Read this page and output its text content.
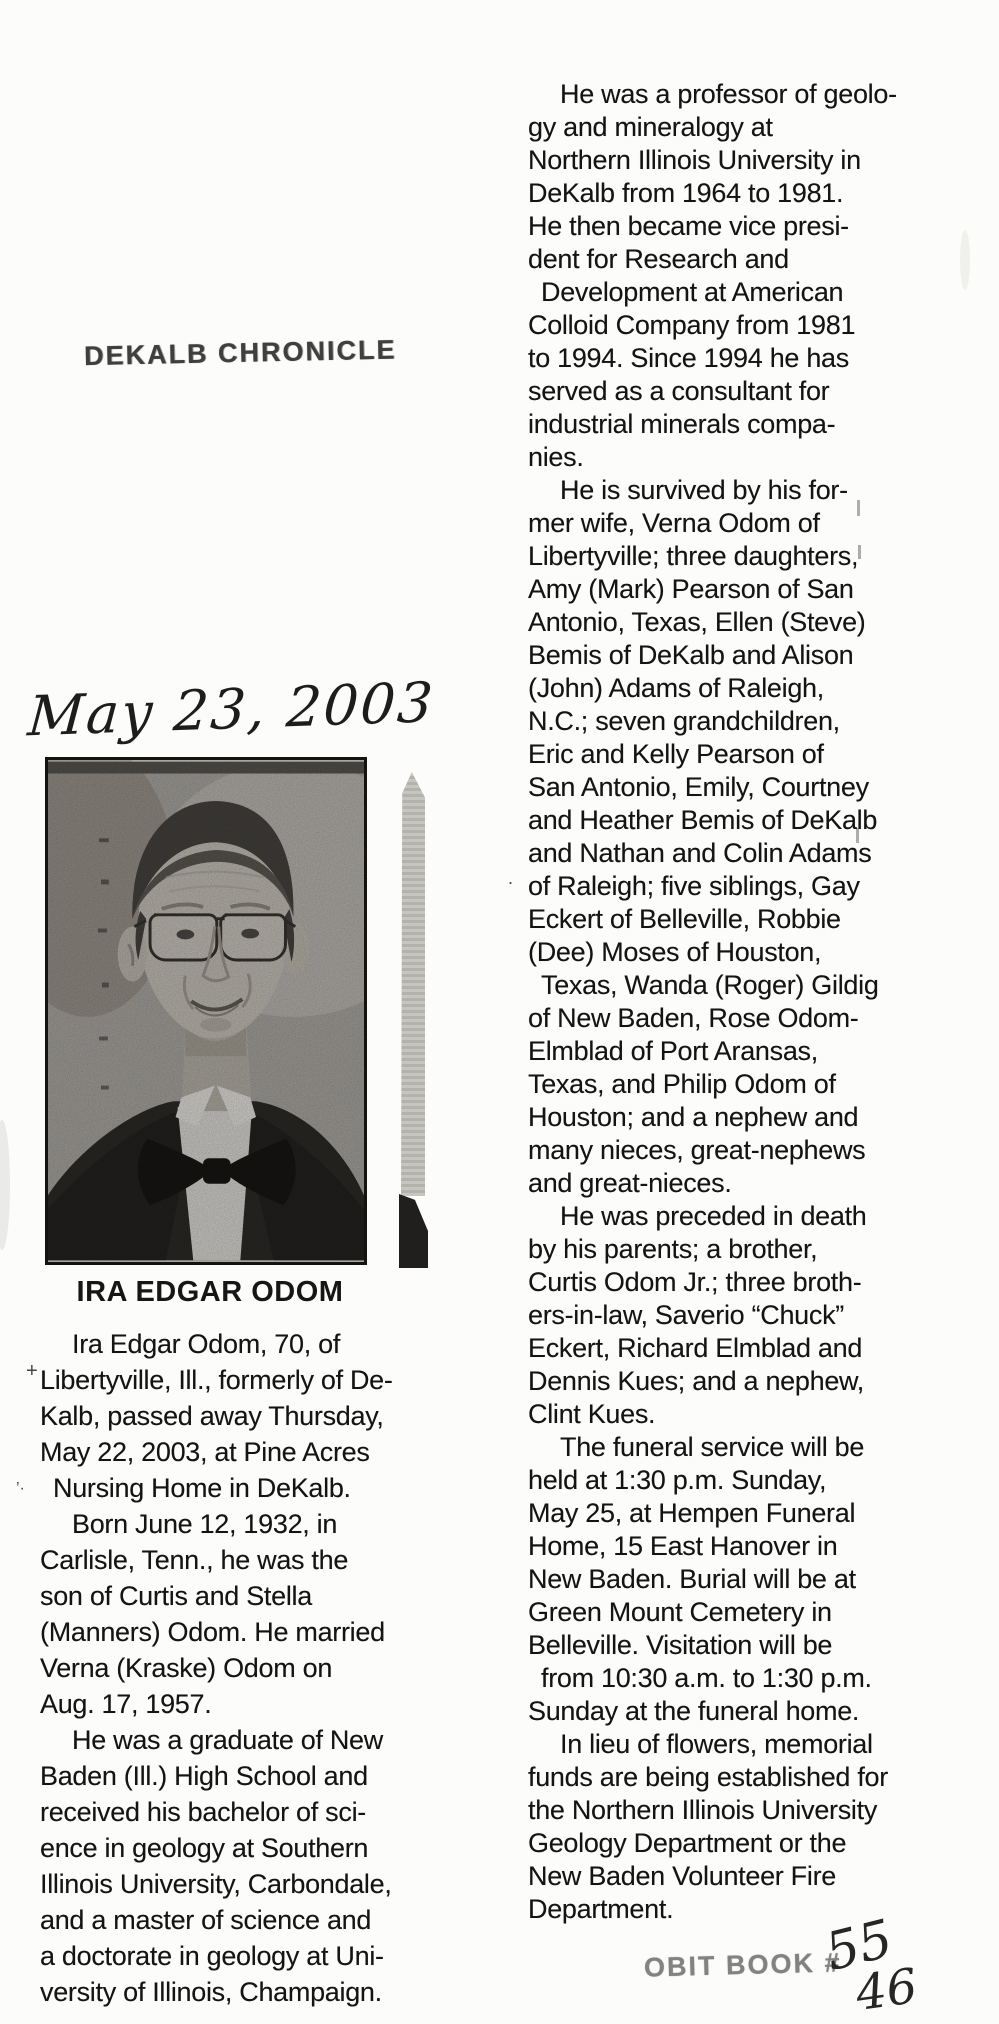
DEKALB CHRONICLE
May 23, 2003
+
’·
.
IRA EDGAR ODOM
Ira Edgar Odom, 70, of
Libertyville, Ill., formerly of De-
Kalb, passed away Thursday,
May 22, 2003, at Pine Acres
Nursing Home in DeKalb.
Born June 12, 1932, in
Carlisle, Tenn., he was the
son of Curtis and Stella
(Manners) Odom. He married
Verna (Kraske) Odom on
Aug. 17, 1957.
He was a graduate of New
Baden (Ill.) High School and
received his bachelor of sci-
ence in geology at Southern
Illinois University, Carbondale,
and a master of science and
a doctorate in geology at Uni-
versity of Illinois, Champaign.
He was a professor of geolo-
gy and mineralogy at
Northern Illinois University in
DeKalb from 1964 to 1981.
He then became vice presi-
dent for Research and
Development at American
Colloid Company from 1981
to 1994. Since 1994 he has
served as a consultant for
industrial minerals compa-
nies.
He is survived by his for-
mer wife, Verna Odom of
Libertyville; three daughters,
Amy (Mark) Pearson of San
Antonio, Texas, Ellen (Steve)
Bemis of DeKalb and Alison
(John) Adams of Raleigh,
N.C.; seven grandchildren,
Eric and Kelly Pearson of
San Antonio, Emily, Courtney
and Heather Bemis of DeKalb
and Nathan and Colin Adams
of Raleigh; five siblings, Gay
Eckert of Belleville, Robbie
(Dee) Moses of Houston,
Texas, Wanda (Roger) Gildig
of New Baden, Rose Odom-
Elmblad of Port Aransas,
Texas, and Philip Odom of
Houston; and a nephew and
many nieces, great-nephews
and great-nieces.
He was preceded in death
by his parents; a brother,
Curtis Odom Jr.; three broth-
ers-in-law, Saverio “Chuck”
Eckert, Richard Elmblad and
Dennis Kues; and a nephew,
Clint Kues.
The funeral service will be
held at 1:30 p.m. Sunday,
May 25, at Hempen Funeral
Home, 15 East Hanover in
New Baden. Burial will be at
Green Mount Cemetery in
Belleville. Visitation will be
from 10:30 a.m. to 1:30 p.m.
Sunday at the funeral home.
In lieu of flowers, memorial
funds are being established for
the Northern Illinois University
Geology Department or the
New Baden Volunteer Fire
Department.
OBIT BOOK #
55
46
